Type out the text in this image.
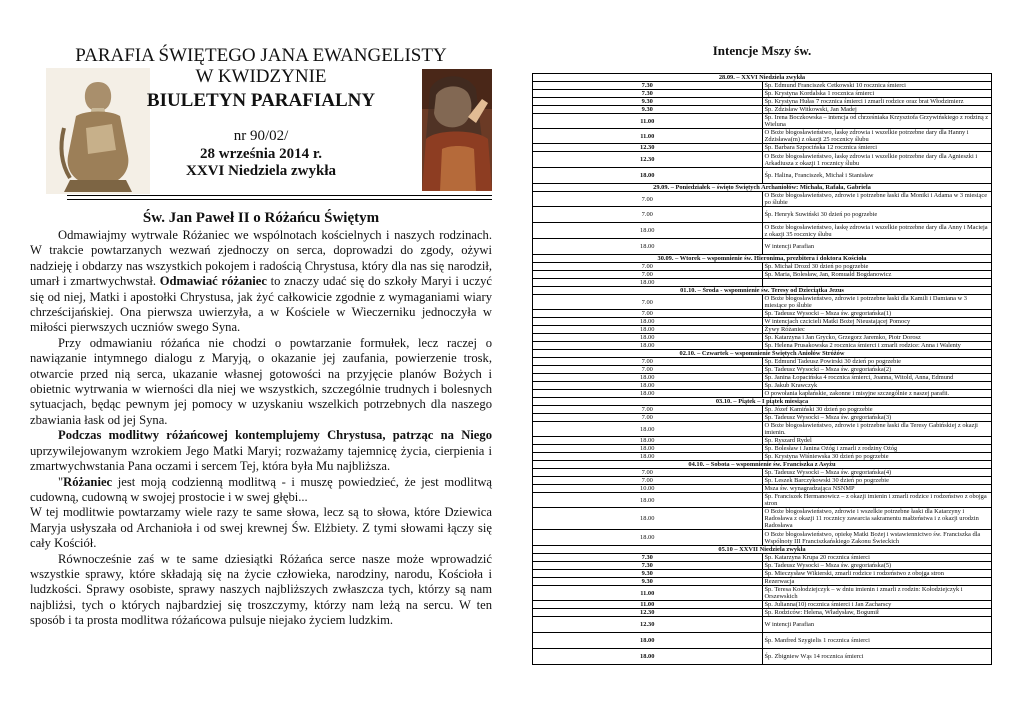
PARAFIA ŚWIĘTEGO JANA EWANGELISTY
W KWIDZYNIE
BIULETYN PARAFIALNY
nr 90/02/
28 września 2014 r.
XXVI Niedziela zwykła
Św. Jan Paweł II o Różańcu Świętym

Odmawiajmy wytrwale Różaniec we wspólnotach kościelnych i naszych rodzinach. W trakcie powtarzanych wezwań zjednoczy on serca, doprowadzi do zgody, ożywi nadzieję i obdarzy nas wszystkich pokojem i radością Chrystusa, który dla nas się narodził, umarł i zmartwychwstał. Odmawiać różaniec to znaczy udać się do szkoły Maryi i uczyć się od niej, Matki i apostołki Chrystusa, jak żyć całkowicie zgodnie z wymaganiami wiary chrześcijańskiej. Ona pierwsza uwierzyła, a w Kościele w Wieczerniku jednoczyła w miłości pierwszych uczniów swego Syna.

Przy odmawianiu różańca nie chodzi o powtarzanie formułek, lecz raczej o nawiązanie intymnego dialogu z Maryją, o okazanie jej zaufania, powierzenie trosk, otwarcie przed nią serca, ukazanie własnej gotowości na przyjęcie planów Bożych i obietnic wytrwania w wierności dla niej we wszystkich, szczególnie trudnych i bolesnych sytuacjach, będąc pewnym jej pomocy w uzyskaniu wszelkich potrzebnych dla naszego zbawiania łask od jej Syna.

Podczas modlitwy różańcowej kontemplujemy Chrystusa, patrząc na Niego uprzywilejowanym wzrokiem Jego Matki Maryi; rozważamy tajemnicę życia, cierpienia i zmartwychwstania Pana oczami i sercem Tej, która była Mu najbliższa.

"Różaniec jest moją codzienną modlitwą - i muszę powiedzieć, że jest modlitwą cudowną, cudowną w swojej prostocie i w swej głębi...

W tej modlitwie powtarzamy wiele razy te same słowa, lecz są to słowa, które Dziewica Maryja usłyszała od Archanioła i od swej krewnej Św. Elżbiety. Z tymi słowami łączy się cały Kościół.

Równocześnie zaś w te same dziesiątki Różańca serce nasze może wprowadzić wszystkie sprawy, które składają się na życie człowieka, narodziny, narodu, Kościoła i ludzkości. Sprawy osobiste, sprawy naszych najbliższych zwłaszcza tych, którzy są nam najbliżsi, tych o których najbardziej się troszczymy, którzy nam leżą na sercu. W ten sposób i ta prosta modlitwa różańcowa pulsuje niejako życiem ludzkim.

Intencje Mszy św.
28.09. – XXVI Niedziela zwykła	
7.30	Śp. Edmund Franciszek Cetkowski 10 rocznica śmierci
7.30	Śp. Krystyna Kordalska 1 rocznica śmierci
9.30	Śp. Krystyna Hułas 7 rocznica śmierci i zmarli rodzice oraz brat Włodzimierz
9.30	Śp. Zdzisław Witkowski, Jan Madej
11.00	Śp. Irena Boczkowska – intencja od chrześniaka Krzysztofa Grzywińskiego z rodziną z Wieluna
11.00	O Boże błogosławieństwo, łaskę zdrowia i wszelkie potrzebne dary dla Hanny i Zdzisława(m) z okazji 25 rocznicy ślubu
12.30	Śp. Barbara Szpocińska 12 rocznica śmierci
12.30	O Boże błogosławieństwo, łaskę zdrowia i wszelkie potrzebne dary dla Agnieszki i Arkadiusza z okazji 1 rocznicy ślubu
18.00	Śp. Halina, Franciszek, Michał i Stanisław
29.09. – Poniedziałek – święto Świętych Archaniołów: Michała, Rafała, Gabriela	
7.00	O Boże błogosławieństwo, zdrowie i potrzebne łaski dla Moniki i Adama w 3 miesiące po ślubie
7.00	Śp. Henryk Suwiński 30 dzień po pogrzebie
18.00	O Boże błogosławieństwo, łaskę zdrowia i wszelkie potrzebne dary dla Anny i Macieja z okazji 35 rocznicy ślubu
18.00	W intencji Parafian
30.09. – Wtorek – wspomnienie św. Hieronima, prezbitera i doktora Kościoła	
7.00	Śp. Michał Drozd 30 dzień po pogrzebie
7.00	Śp. Maria, Bolesław, Jan, Romuald Bogdanowicz
18.00	
01.10. – Środa - wspomnienie św. Teresy od Dzieciątka Jezus	
7.00	O Boże błogosławieństwo, zdrowie i potrzebne łaski dla Kamili i Damiana w 3 miesiące po ślubie
7.00	Śp. Tadeusz Wysocki – Msza św. gregoriańska(1)
18.00	W intencjach czcicieli Matki Bożej Nieustającej Pomocy
18.00	Żywy Różaniec
18.00	Śp. Katarzyna i Jan Grycko, Grzegorz Jaremko, Piotr Dorosz
18.00	Śp. Helena Prusakowska 2 rocznica śmierci i zmarli rodzice: Anna i Walenty
02.10. – Czwartek – wspomnienie Świętych Aniołów Stróżów	
7.00	Śp. Edmund Tadeusz Powirski 30 dzień po pogrzebie
7.00	Śp. Tadeusz Wysocki – Msza św. gregoriańska(2)
18.00	Śp. Janina Łopacińska 4 rocznica śmierci, Joanna, Witold, Anna, Edmund
18.00	Śp. Jakub Krawczyk
18.00	O powołania kapłańskie, zakonne i misyjne szczególnie z naszej parafii.
03.10. – Piątek – I piątek miesiąca	
7.00	Śp. Józef Kamiński 30 dzień po pogrzebie
7.00	Śp. Tadeusz Wysocki – Msza św. gregoriańska(3)
18.00	O Boże błogosławieństwo, zdrowie i potrzebne łaski dla Teresy Gabińskiej z okazji imienin.
18.00	Śp. Ryszard Rydel
18.00	Śp. Bolesław i Janina Ożóg i zmarli z rodziny Ożóg
18.00	Śp. Krystyna Wiśniewska 30 dzień po pogrzebie
04.10. – Sobota – wspomnienie św. Franciszka z Asyżu	
7.00	Śp. Tadeusz Wysocki – Msza św. gregoriańska(4)
7.00	Śp. Leszek Barczykowski 30 dzień po pogrzebie
10.00	Msza św. wynagradzająca NSNMP
18.00	Śp. Franciszek Hermanowicz – z okazji imienin i zmarli rodzice i rodzeństwo z obojga stron
18.00	O Boże błogosławieństwo, zdrowie i wszelkie potrzebne łaski dla Katarzyny i Radosława z okazji 11 rocznicy zawarcia sakramentu małżeństwa i z okazji urodzin Radosława
18.00	O Boże błogosławieństwo, opiekę Matki Bożej i wstawiennictwo św. Franciszka dla Wspólnoty III Franciszkańskiego Zakonu Świeckich
05.10 – XXVII Niedziela zwykła	
7.30	Śp. Katarzyna Krupa 20 rocznica śmierci
7.30	Śp. Tadeusz Wysocki – Msza św. gregoriańska(5)
9.30	Śp. Mieczysław Wikierski, zmarli rodzice i rodzeństwo z obojga stron
9.30	Rezerwacja
11.00	Śp. Teresa Kołodziejczyk – w dniu imienin i zmarli z rodzin: Kołodziejczyk i Orszewskich
11.00	Śp. Julianna(10) rocznica śmierci i Jan Zacharscy
12.30	Śp. Rodziców: Helena, Władysław, Bogumił
12.30	W intencji Parafian
18.00	Śp. Manfred Szygielis 1 rocznica śmierci
18.00	Śp. Zbigniew Wąs 14 rocznica śmierci
